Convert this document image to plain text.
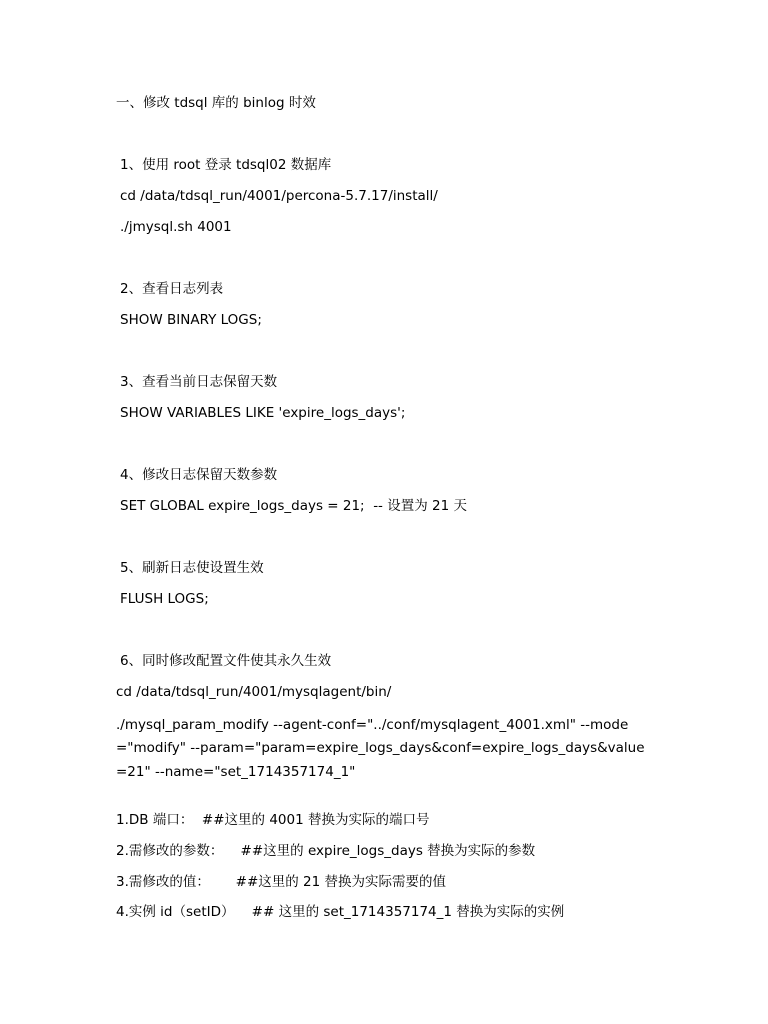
一、修改 tdsql 库的 binlog 时效
1、使用 root 登录 tdsql02 数据库
cd /data/tdsql_run/4001/percona-5.7.17/install/
./jmysql.sh 4001
2、查看日志列表
SHOW BINARY LOGS;
3、查看当前日志保留天数
SHOW VARIABLES LIKE 'expire_logs_days';
4、修改日志保留天数参数
SET GLOBAL expire_logs_days = 21;  -- 设置为 21 天
5、刷新日志使设置生效
FLUSH LOGS;
6、同时修改配置文件使其永久生效
cd /data/tdsql_run/4001/mysqlagent/bin/
./mysql_param_modify --agent-conf="../conf/mysqlagent_4001.xml" --mode="modify" --param="param=expire_logs_days&conf=expire_logs_days&value=21" --name="set_1714357174_1"
1.DB 端口：  ##这里的 4001 替换为实际的端口号
2.需修改的参数：    ##这里的 expire_logs_days 替换为实际的参数
3.需修改的值：      ##这里的 21 替换为实际需要的值
4.实例 id（setID）    ## 这里的 set_1714357174_1 替换为实际的实例
